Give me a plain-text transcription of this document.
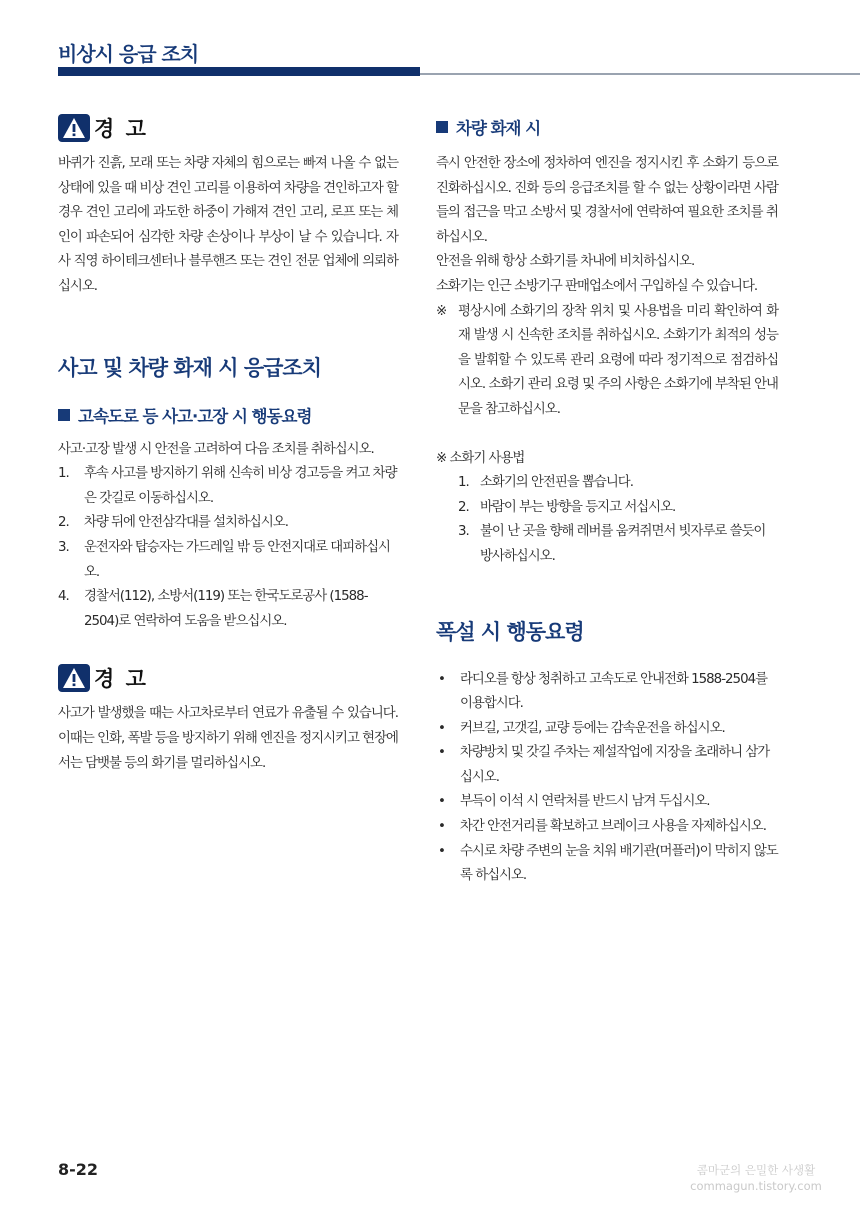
비상시 응급 조치
경 고

바퀴가 진흙, 모래 또는 차량 자체의 힘으로는 빠져 나올 수 없는 상태에 있을 때 비상 견인 고리를 이용하여 차량을 견인하고자 할 경우 견인 고리에 과도한 하중이 가해져 견인 고리, 로프 또는 체인이 파손되어 심각한 차량 손상이나 부상이 날 수 있습니다. 자사 직영 하이테크센터나 블루핸즈 또는 견인 전문 업체에 의뢰하십시오.

사고 및 차량 화재 시 응급조치
고속도로 등 사고·고장 시 행동요령

사고·고장 발생 시 안전을 고려하여 다음 조치를 취하십시오.

1.	후속 사고를 방지하기 위해 신속히 비상 경고등을 켜고 차량은 갓길로 이동하십시오.
2.	차량 뒤에 안전삼각대를 설치하십시오.
3.	운전자와 탑승자는 가드레일 밖 등 안전지대로 대피하십시오.
4.	경찰서(112), 소방서(119) 또는 한국도로공사 (1588-2504)로 연락하여 도움을 받으십시오.
경 고

사고가 발생했을 때는 사고차로부터 연료가 유출될 수 있습니다. 이때는 인화, 폭발 등을 방지하기 위해 엔진을 정지시키고 현장에서는 담뱃불 등의 화기를 멀리하십시오.

차량 화재 시

즉시 안전한 장소에 정차하여 엔진을 정지시킨 후 소화기 등으로 진화하십시오. 진화 등의 응급조치를 할 수 없는 상황이라면 사람들의 접근을 막고 소방서 및 경찰서에 연락하여 필요한 조치를 취하십시오.

안전을 위해 항상 소화기를 차내에 비치하십시오.

소화기는 인근 소방기구 판매업소에서 구입하실 수 있습니다.

※ 평상시에 소화기의 장착 위치 및 사용법을 미리 확인하여 화재 발생 시 신속한 조치를 취하십시오. 소화기가 최적의 성능을 발휘할 수 있도록 관리 요령에 따라 정기적으로 점검하십시오. 소화기 관리 요령 및 주의 사항은 소화기에 부착된 안내문을 참고하십시오.

※ 소화기 사용법

1. 소화기의 안전핀을 뽑습니다.
2. 바람이 부는 방향을 등지고 서십시오.
3. 불이 난 곳을 향해 레버를 움켜쥐면서 빗자루로 쓸듯이 방사하십시오.
폭설 시 행동요령
•	라디오를 항상 청취하고 고속도로 안내전화 1588-2504를 이용합시다.
•	커브길, 고갯길, 교량 등에는 감속운전을 하십시오.
•	차량방치 및 갓길 주차는 제설작업에 지장을 초래하니 삼가십시오.
•	부득이 이석 시 연락처를 반드시 남겨 두십시오.
•	차간 안전거리를 확보하고 브레이크 사용을 자제하십시오.
•	수시로 차량 주변의 눈을 치워 배기관(머플러)이 막히지 않도록 하십시오.
8-22	콤마군의 은밀한 사생활
commagun.tistory.com
